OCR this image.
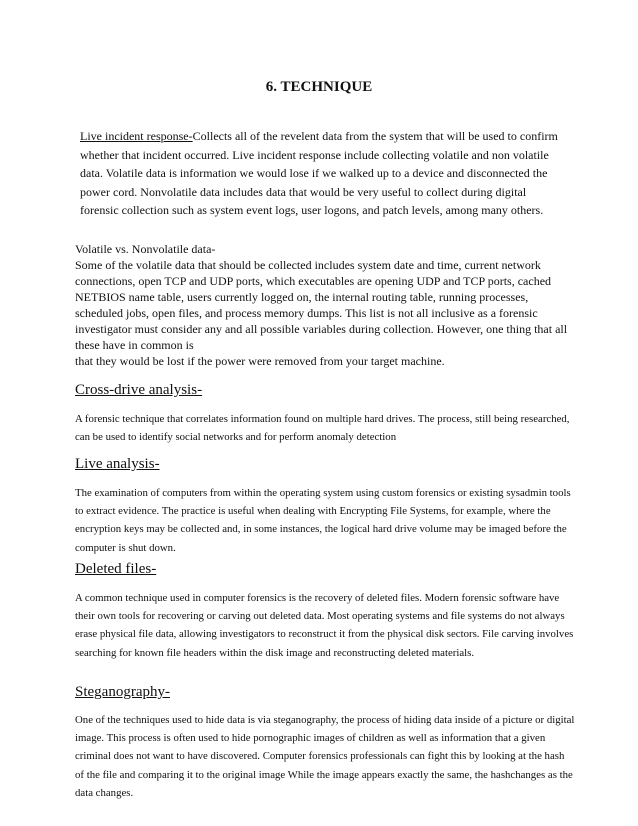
6. TECHNIQUE

Live incident response-Collects all of the revelent data from the system that will be used to confirm whether that incident occurred. Live incident response include collecting volatile and non volatile data. Volatile data is information we would lose if we walked up to a device and disconnected the power cord. Nonvolatile data includes data that would be very useful to collect during digital forensic collection such as system event logs, user logons, and patch levels, among many others.

Volatile vs. Nonvolatile data-

Some of the volatile data that should be collected includes system date and time, current network connections, open TCP and UDP ports, which executables are opening UDP and TCP ports, cached NETBIOS name table, users currently logged on, the internal routing table, running processes, scheduled jobs, open files, and process memory dumps. This list is not all inclusive as a forensic investigator must consider any and all possible variables during collection. However, one thing that all these have in common is

that they would be lost if the power were removed from your target machine.

Cross-drive analysis-

A forensic technique that correlates information found on multiple hard drives. The process, still being researched, can be used to identify social networks and for perform anomaly detection

Live analysis-

The examination of computers from within the operating system using custom forensics or existing sysadmin tools to extract evidence. The practice is useful when dealing with Encrypting File Systems, for example, where the encryption keys may be collected and, in some instances, the logical hard drive volume may be imaged before the computer is shut down.

Deleted files-

A common technique used in computer forensics is the recovery of deleted files. Modern forensic software have their own tools for recovering or carving out deleted data. Most operating systems and file systems do not always erase physical file data, allowing investigators to reconstruct it from the physical disk sectors. File carving involves searching for known file headers within the disk image and reconstructing deleted materials.

Steganography-

One of the techniques used to hide data is via steganography, the process of hiding data inside of a picture or digital image. This process is often used to hide pornographic images of children as well as information that a given criminal does not want to have discovered. Computer forensics professionals can fight this by looking at the hash of the file and comparing it to the original image While the image appears exactly the same, the hashchanges as the data changes.
